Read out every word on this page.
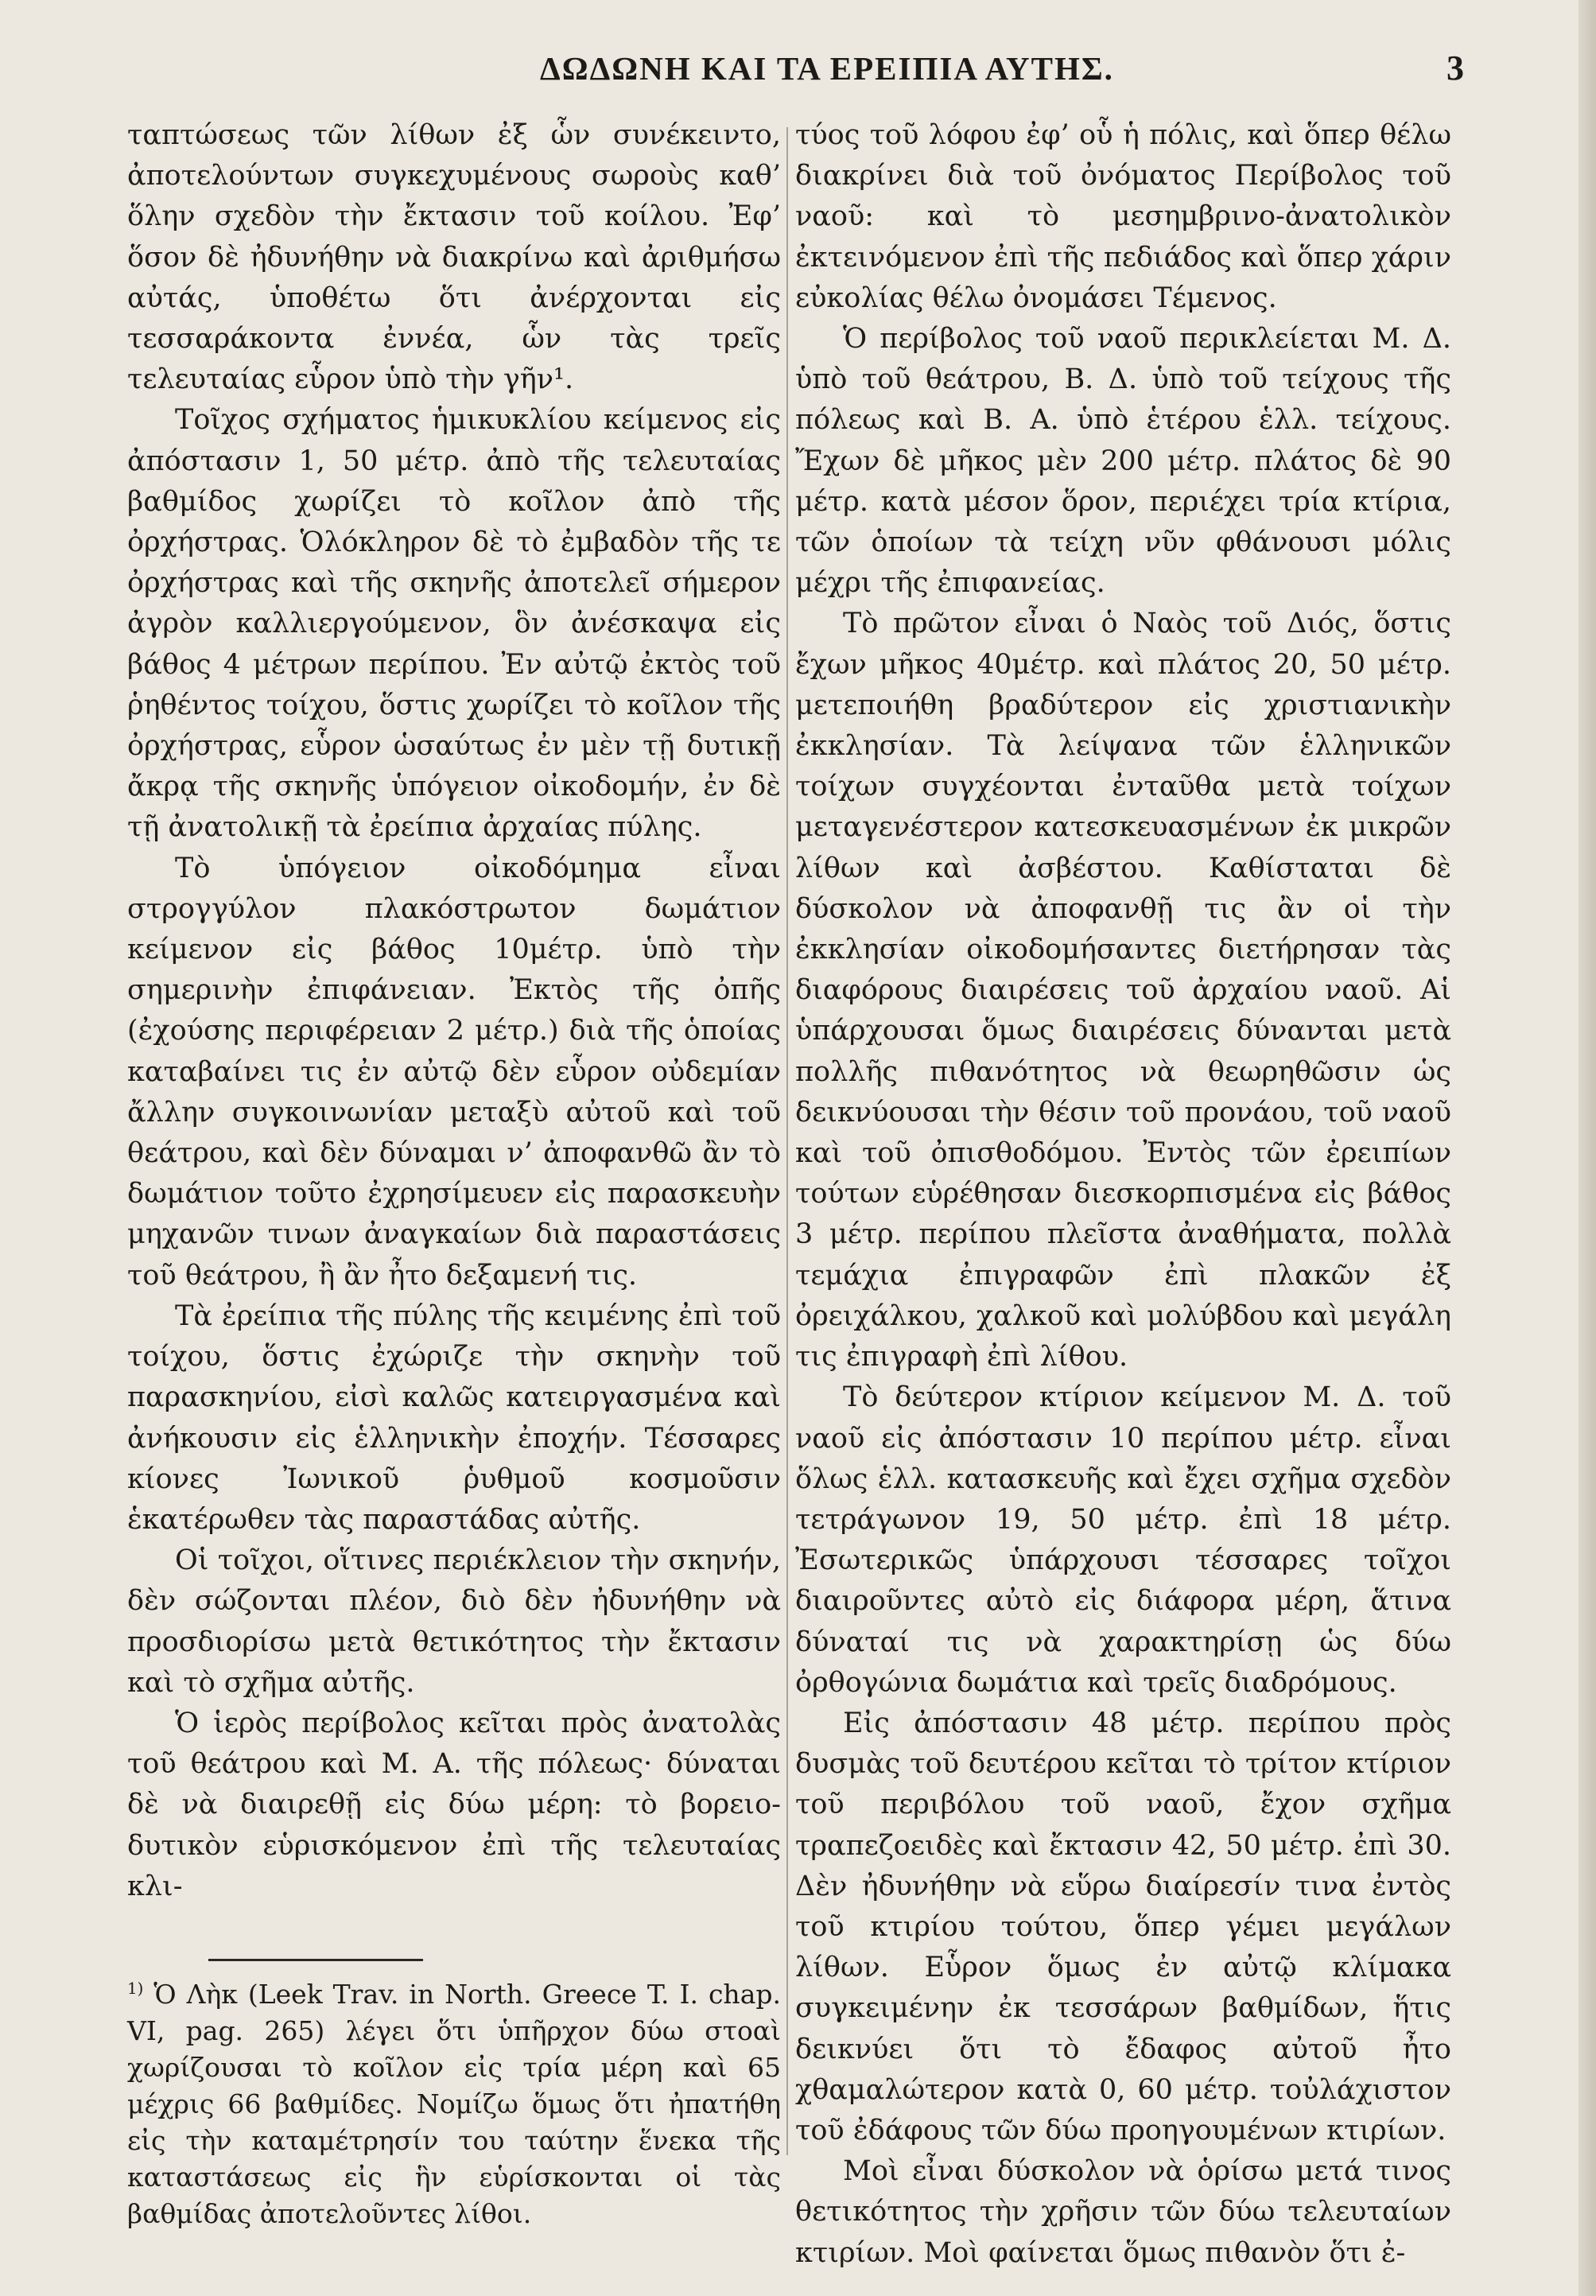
ΔΩΔΩΝΗ ΚΑΙ ΤΑ ΕΡΕΙΠΙΑ ΑΥΤΗΣ.	3

ταπτώσεως τῶν λίθων ἐξ ὧν συνέκειντο, ἀποτελούντων συγκεχυμένους σωροὺς καθ’ ὅλην σχεδὸν τὴν ἔκτασιν τοῦ κοίλου. Ἐφ’ ὅσον δὲ ἠδυνήθην νὰ διακρίνω καὶ ἀριθμήσω αὐτάς, ὑποθέτω ὅτι ἀνέρχονται εἰς τεσσαράκοντα ἐννέα, ὧν τὰς τρεῖς τελευταίας εὗρον ὑπὸ τὴν γῆν¹.

Τοῖχος σχήματος ἡμικυκλίου κείμενος εἰς ἀπόστασιν 1, 50 μέτρ. ἀπὸ τῆς τελευταίας βαθμίδος χωρίζει τὸ κοῖλον ἀπὸ τῆς ὀρχήστρας. Ὁλόκληρον δὲ τὸ ἐμβαδὸν τῆς τε ὀρχήστρας καὶ τῆς σκηνῆς ἀποτελεῖ σήμερον ἀγρὸν καλλιεργούμενον, ὃν ἀνέσκαψα εἰς βάθος 4 μέτρων περίπου. Ἐν αὐτῷ ἐκτὸς τοῦ ῥηθέντος τοίχου, ὅστις χωρίζει τὸ κοῖλον τῆς ὀρχήστρας, εὗρον ὡσαύτως ἐν μὲν τῇ δυτικῇ ἄκρᾳ τῆς σκηνῆς ὑπόγειον οἰκοδομήν, ἐν δὲ τῇ ἀνατολικῇ τὰ ἐρείπια ἀρχαίας πύλης.

Τὸ ὑπόγειον οἰκοδόμημα εἶναι στρογγύλον πλακόστρωτον δωμάτιον κείμενον εἰς βάθος 10μέτρ. ὑπὸ τὴν σημερινὴν ἐπιφάνειαν. Ἐκτὸς τῆς ὀπῆς (ἐχούσης περιφέρειαν 2 μέτρ.) διὰ τῆς ὁποίας καταβαίνει τις ἐν αὐτῷ δὲν εὗρον οὐδεμίαν ἄλλην συγκοινωνίαν μεταξὺ αὐτοῦ καὶ τοῦ θεάτρου, καὶ δὲν δύναμαι ν’ ἀποφανθῶ ἂν τὸ δωμάτιον τοῦτο ἐχρησίμευεν εἰς παρασκευὴν μηχανῶν τινων ἀναγκαίων διὰ παραστάσεις τοῦ θεάτρου, ἢ ἂν ἦτο δεξαμενή τις.

Τὰ ἐρείπια τῆς πύλης τῆς κειμένης ἐπὶ τοῦ τοίχου, ὅστις ἐχώριζε τὴν σκηνὴν τοῦ παρασκηνίου, εἰσὶ καλῶς κατειργασμένα καὶ ἀνήκουσιν εἰς ἑλληνικὴν ἐποχήν. Τέσσαρες κίονες Ἰωνικοῦ ῥυθμοῦ κοσμοῦσιν ἑκατέρωθεν τὰς παραστάδας αὐτῆς.

Οἱ τοῖχοι, οἵτινες περιέκλειον τὴν σκηνήν, δὲν σώζονται πλέον, διὸ δὲν ἠδυνήθην νὰ προσδιορίσω μετὰ θετικότητος τὴν ἔκτασιν καὶ τὸ σχῆμα αὐτῆς.

Ὁ ἱερὸς περίβολος κεῖται πρὸς ἀνατολὰς τοῦ θεάτρου καὶ Μ. Α. τῆς πόλεως· δύναται δὲ νὰ διαιρεθῇ εἰς δύω μέρη: τὸ βορειο-δυτικὸν εὑρισκόμενον ἐπὶ τῆς τελευταίας κλι-

τύος τοῦ λόφου ἐφ’ οὗ ἡ πόλις, καὶ ὅπερ θέλω διακρίνει διὰ τοῦ ὀνόματος Περίβολος τοῦ ναοῦ: καὶ τὸ μεσημβρινο-ἀνατολικὸν ἐκτεινόμενον ἐπὶ τῆς πεδιάδος καὶ ὅπερ χάριν εὐκολίας θέλω ὀνομάσει Τέμενος.

Ὁ περίβολος τοῦ ναοῦ περικλείεται Μ. Δ. ὑπὸ τοῦ θεάτρου, Β. Δ. ὑπὸ τοῦ τείχους τῆς πόλεως καὶ Β. Α. ὑπὸ ἑτέρου ἑλλ. τείχους. Ἔχων δὲ μῆκος μὲν 200 μέτρ. πλάτος δὲ 90 μέτρ. κατὰ μέσον ὅρον, περιέχει τρία κτίρια, τῶν ὁποίων τὰ τείχη νῦν φθάνουσι μόλις μέχρι τῆς ἐπιφανείας.

Τὸ πρῶτον εἶναι ὁ Ναὸς τοῦ Διός, ὅστις ἔχων μῆκος 40μέτρ. καὶ πλάτος 20, 50 μέτρ. μετεποιήθη βραδύτερον εἰς χριστιανικὴν ἐκκλησίαν. Τὰ λείψανα τῶν ἑλληνικῶν τοίχων συγχέονται ἐνταῦθα μετὰ τοίχων μεταγενέστερον κατεσκευασμένων ἐκ μικρῶν λίθων καὶ ἀσβέστου. Καθίσταται δὲ δύσκολον νὰ ἀποφανθῇ τις ἂν οἱ τὴν ἐκκλησίαν οἰκοδομήσαντες διετήρησαν τὰς διαφόρους διαιρέσεις τοῦ ἀρχαίου ναοῦ. Αἱ ὑπάρχουσαι ὅμως διαιρέσεις δύνανται μετὰ πολλῆς πιθανότητος νὰ θεωρηθῶσιν ὡς δεικνύουσαι τὴν θέσιν τοῦ προνάου, τοῦ ναοῦ καὶ τοῦ ὀπισθοδόμου. Ἐντὸς τῶν ἐρειπίων τούτων εὑρέθησαν διεσκορπισμένα εἰς βάθος 3 μέτρ. περίπου πλεῖστα ἀναθήματα, πολλὰ τεμάχια ἐπιγραφῶν ἐπὶ πλακῶν ἐξ ὀρειχάλκου, χαλκοῦ καὶ μολύβδου καὶ μεγάλη τις ἐπιγραφὴ ἐπὶ λίθου.

Τὸ δεύτερον κτίριον κείμενον Μ. Δ. τοῦ ναοῦ εἰς ἀπόστασιν 10 περίπου μέτρ. εἶναι ὅλως ἑλλ. κατασκευῆς καὶ ἔχει σχῆμα σχεδὸν τετράγωνον 19, 50 μέτρ. ἐπὶ 18 μέτρ. Ἐσωτερικῶς ὑπάρχουσι τέσσαρες τοῖχοι διαιροῦντες αὐτὸ εἰς διάφορα μέρη, ἅτινα δύναταί τις νὰ χαρακτηρίσῃ ὡς δύω ὀρθογώνια δωμάτια καὶ τρεῖς διαδρόμους.

Εἰς ἀπόστασιν 48 μέτρ. περίπου πρὸς δυσμὰς τοῦ δευτέρου κεῖται τὸ τρίτον κτίριον τοῦ περιβόλου τοῦ ναοῦ, ἔχον σχῆμα τραπεζοειδὲς καὶ ἔκτασιν 42, 50 μέτρ. ἐπὶ 30. Δὲν ἠδυνήθην νὰ εὕρω διαίρεσίν τινα ἐντὸς τοῦ κτιρίου τούτου, ὅπερ γέμει μεγάλων λίθων. Εὗρον ὅμως ἐν αὐτῷ κλίμακα συγκειμένην ἐκ τεσσάρων βαθμίδων, ἥτις δεικνύει ὅτι τὸ ἔδαφος αὐτοῦ ἦτο χθαμαλώτερον κατὰ 0, 60 μέτρ. τοὐλάχιστον τοῦ ἐδάφους τῶν δύω προηγουμένων κτιρίων.

Μοὶ εἶναι δύσκολον νὰ ὁρίσω μετά τινος θετικότητος τὴν χρῆσιν τῶν δύω τελευταίων κτιρίων. Μοὶ φαίνεται ὅμως πιθανὸν ὅτι ἐ-

$^{1)}$ Ὁ Λὴκ (Leek Trav. in North. Greece T. I. chap. VI, pag. 265) λέγει ὅτι ὑπῆρχον δύω στοαὶ χωρίζουσαι τὸ κοῖλον εἰς τρία μέρη καὶ 65 μέχρις 66 βαθμίδες. Νομίζω ὅμως ὅτι ἠπατήθη εἰς τὴν καταμέτρησίν του ταύτην ἕνεκα τῆς καταστάσεως εἰς ἣν εὑρίσκονται οἱ τὰς βαθμίδας ἀποτελοῦντες λίθοι.
